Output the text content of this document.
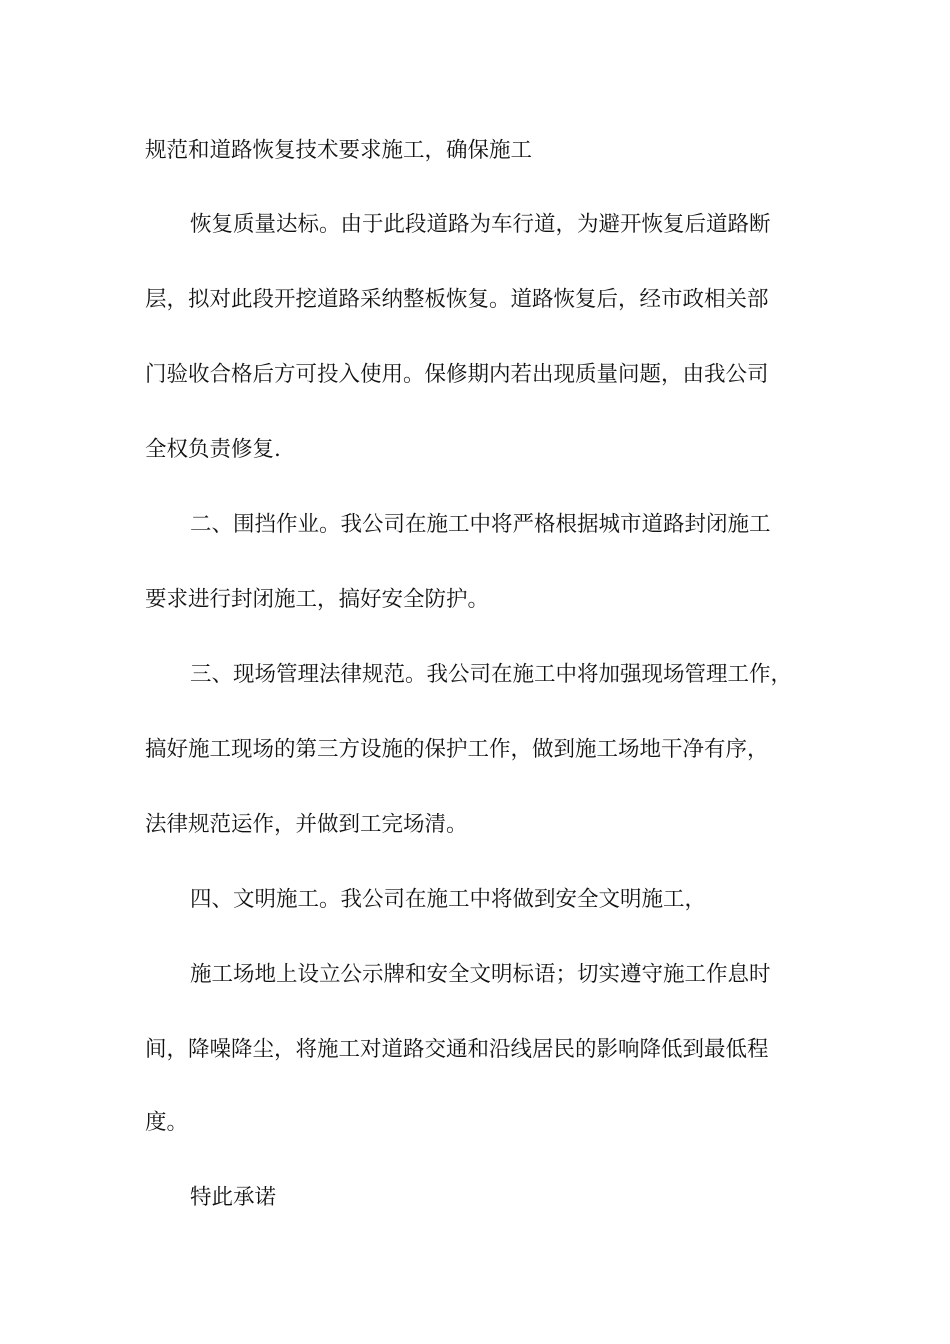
规范和道路恢复技术要求施工，确保施工
恢复质量达标。由于此段道路为车行道，为避开恢复后道路断
层，拟对此段开挖道路采纳整板恢复。道路恢复后，经市政相关部
门验收合格后方可投入使用。保修期内若出现质量问题，由我公司
全权负责修复.
二、围挡作业。我公司在施工中将严格根据城市道路封闭施工
要求进行封闭施工，搞好安全防护。
三、现场管理法律规范。我公司在施工中将加强现场管理工作，
搞好施工现场的第三方设施的保护工作，做到施工场地干净有序，
法律规范运作，并做到工完场清。
四、文明施工。我公司在施工中将做到安全文明施工，
施工场地上设立公示牌和安全文明标语；切实遵守施工作息时
间，降噪降尘，将施工对道路交通和沿线居民的影响降低到最低程
度。
特此承诺
